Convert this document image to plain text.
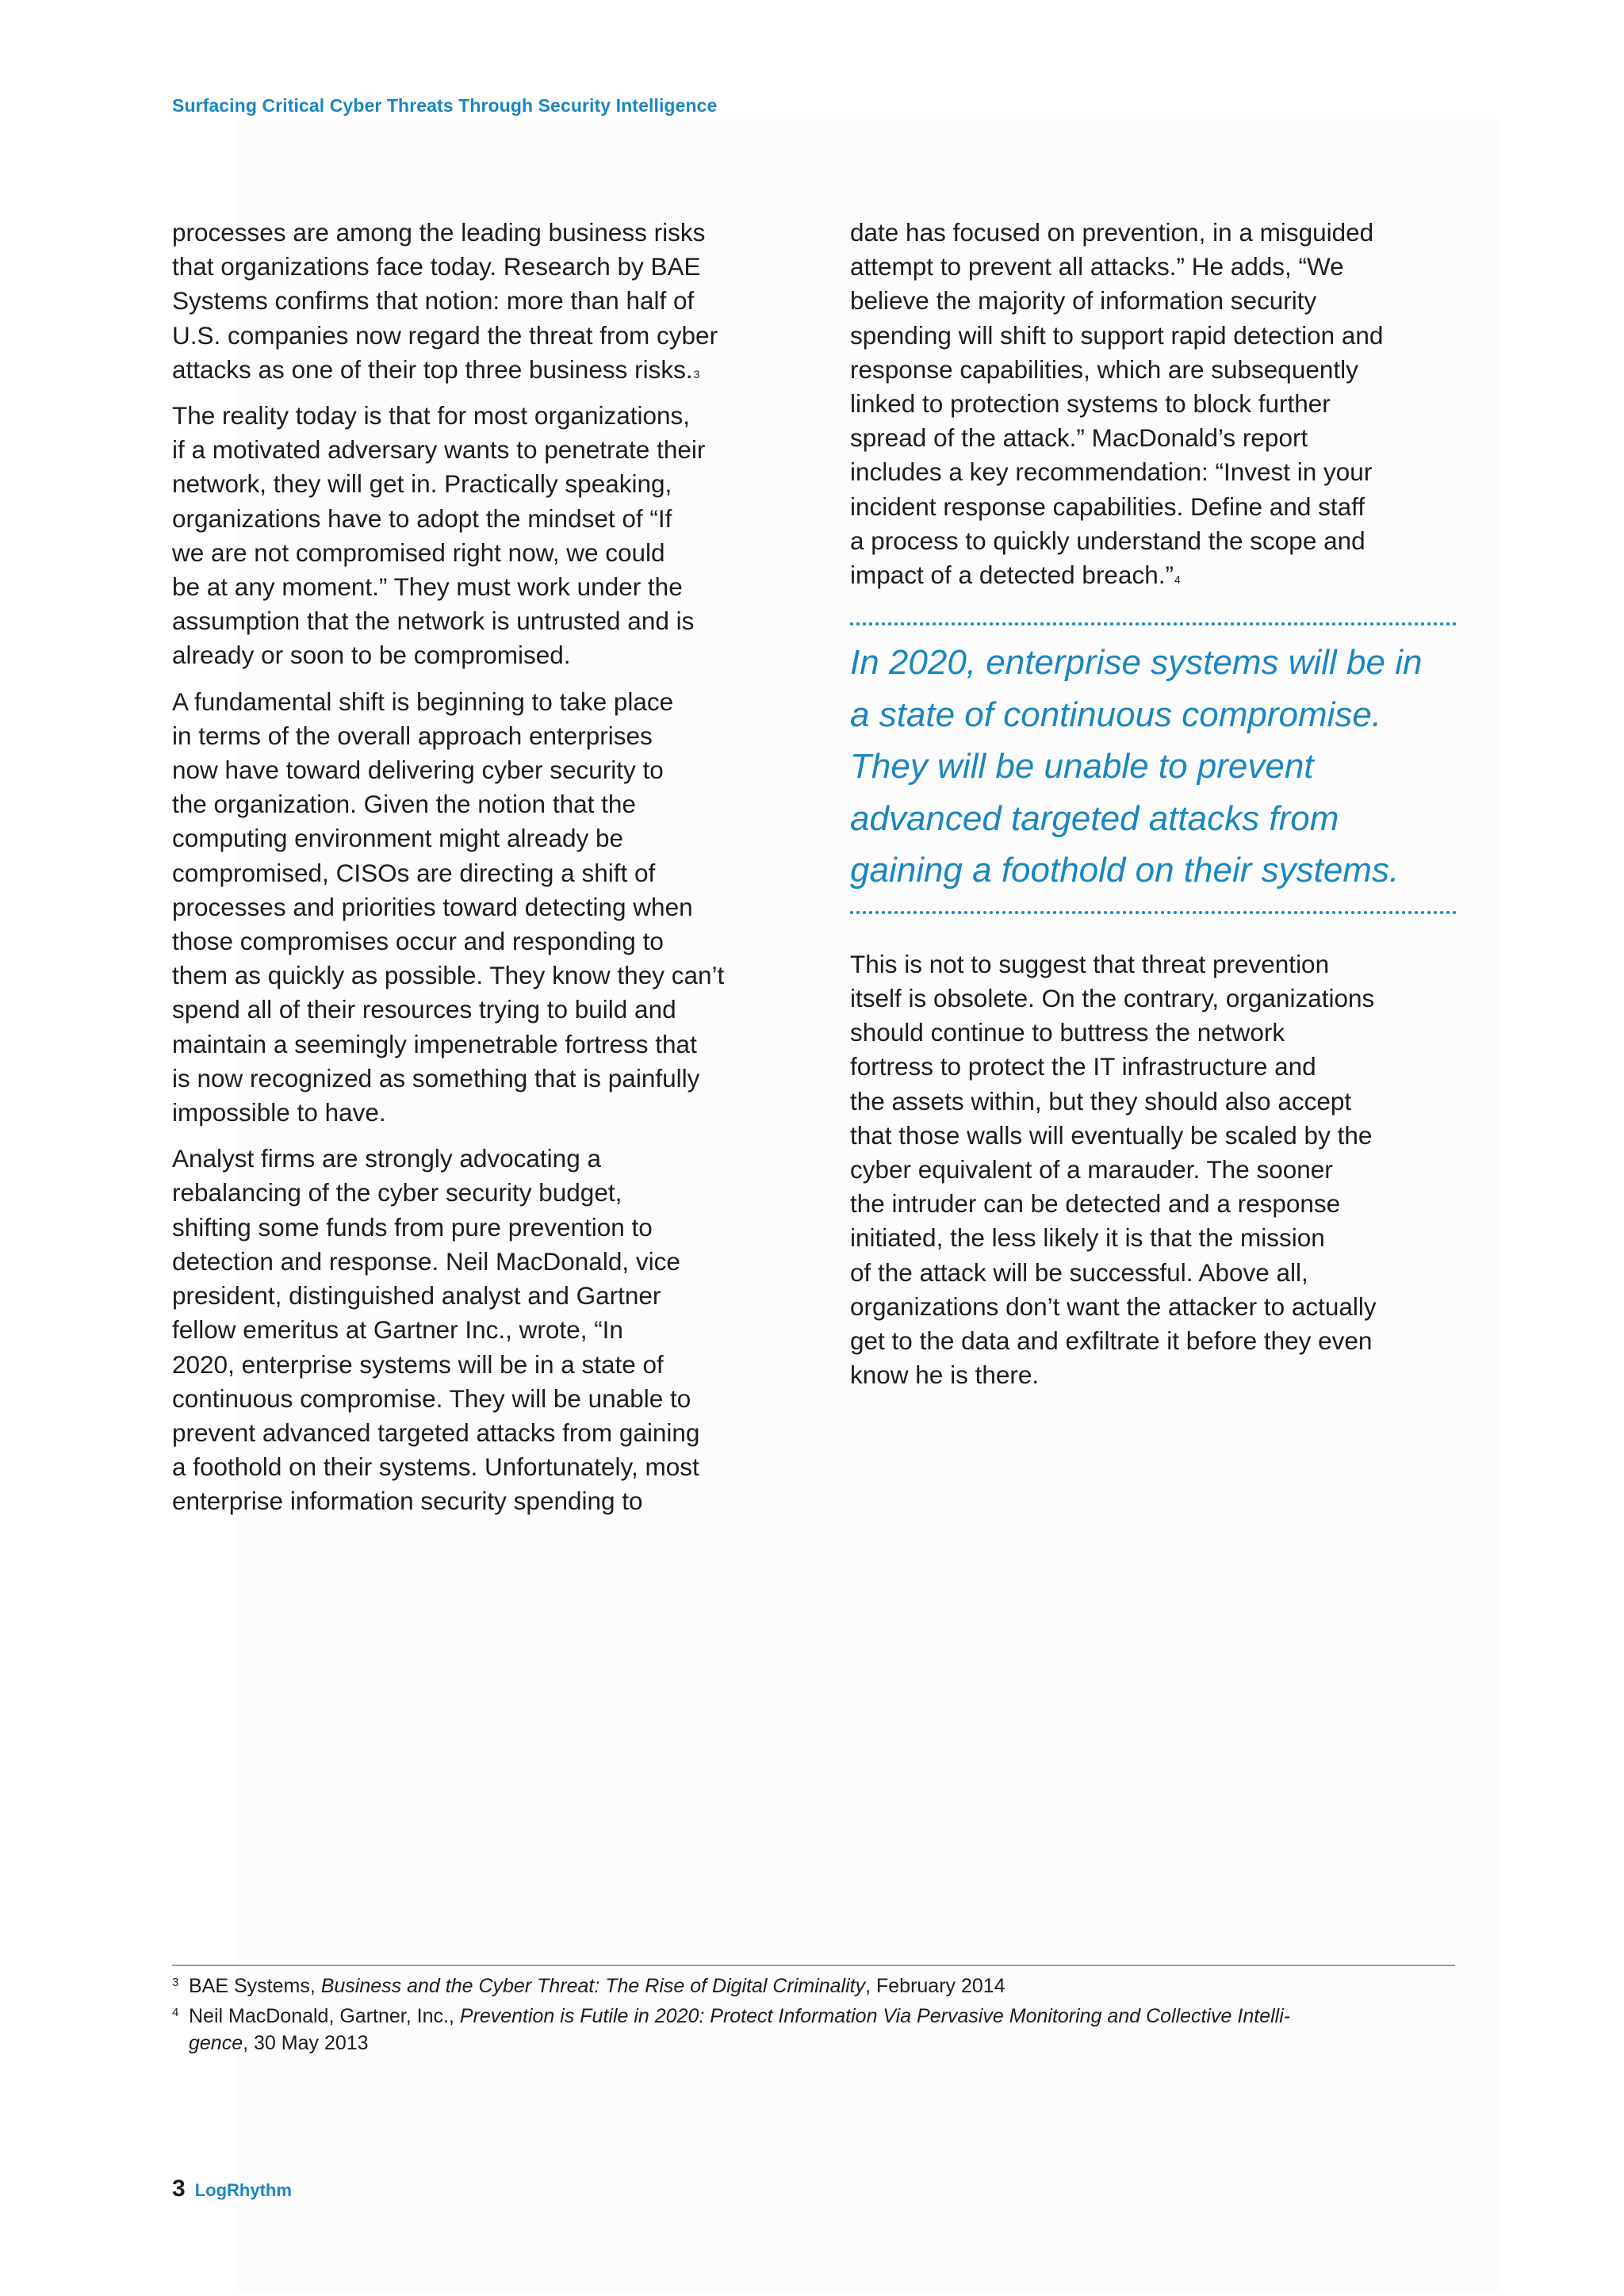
Surfacing Critical Cyber Threats Through Security Intelligence
processes are among the leading business risks
that organizations face today. Research by BAE
Systems confirms that notion: more than half of
U.S. companies now regard the threat from cyber
attacks as one of their top three business risks.$^3$
The reality today is that for most organizations,
if a motivated adversary wants to penetrate their
network, they will get in. Practically speaking,
organizations have to adopt the mindset of “If
we are not compromised right now, we could
be at any moment.” They must work under the
assumption that the network is untrusted and is
already or soon to be compromised.
A fundamental shift is beginning to take place
in terms of the overall approach enterprises
now have toward delivering cyber security to
the organization. Given the notion that the
computing environment might already be
compromised, CISOs are directing a shift of
processes and priorities toward detecting when
those compromises occur and responding to
them as quickly as possible. They know they can’t
spend all of their resources trying to build and
maintain a seemingly impenetrable fortress that
is now recognized as something that is painfully
impossible to have.
Analyst firms are strongly advocating a
rebalancing of the cyber security budget,
shifting some funds from pure prevention to
detection and response. Neil MacDonald, vice
president, distinguished analyst and Gartner
fellow emeritus at Gartner Inc., wrote, “In
2020, enterprise systems will be in a state of
continuous compromise. They will be unable to
prevent advanced targeted attacks from gaining
a foothold on their systems. Unfortunately, most
enterprise information security spending to
date has focused on prevention, in a misguided
attempt to prevent all attacks.” He adds, “We
believe the majority of information security
spending will shift to support rapid detection and
response capabilities, which are subsequently
linked to protection systems to block further
spread of the attack.” MacDonald’s report
includes a key recommendation: “Invest in your
incident response capabilities. Define and staff
a process to quickly understand the scope and
impact of a detected breach.”$^4$
In 2020, enterprise systems will be in
a state of continuous compromise.
They will be unable to prevent
advanced targeted attacks from
gaining a foothold on their systems.
This is not to suggest that threat prevention
itself is obsolete. On the contrary, organizations
should continue to buttress the network
fortress to protect the IT infrastructure and
the assets within, but they should also accept
that those walls will eventually be scaled by the
cyber equivalent of a marauder. The sooner
the intruder can be detected and a response
initiated, the less likely it is that the mission
of the attack will be successful. Above all,
organizations don’t want the attacker to actually
get to the data and exfiltrate it before they even
know he is there.
3 BAE Systems, Business and the Cyber Threat: The Rise of Digital Criminality, February 2014
4 Neil MacDonald, Gartner, Inc., Prevention is Futile in 2020: Protect Information Via Pervasive Monitoring and Collective Intelli-
gence, 30 May 2013
3 LogRhythm
